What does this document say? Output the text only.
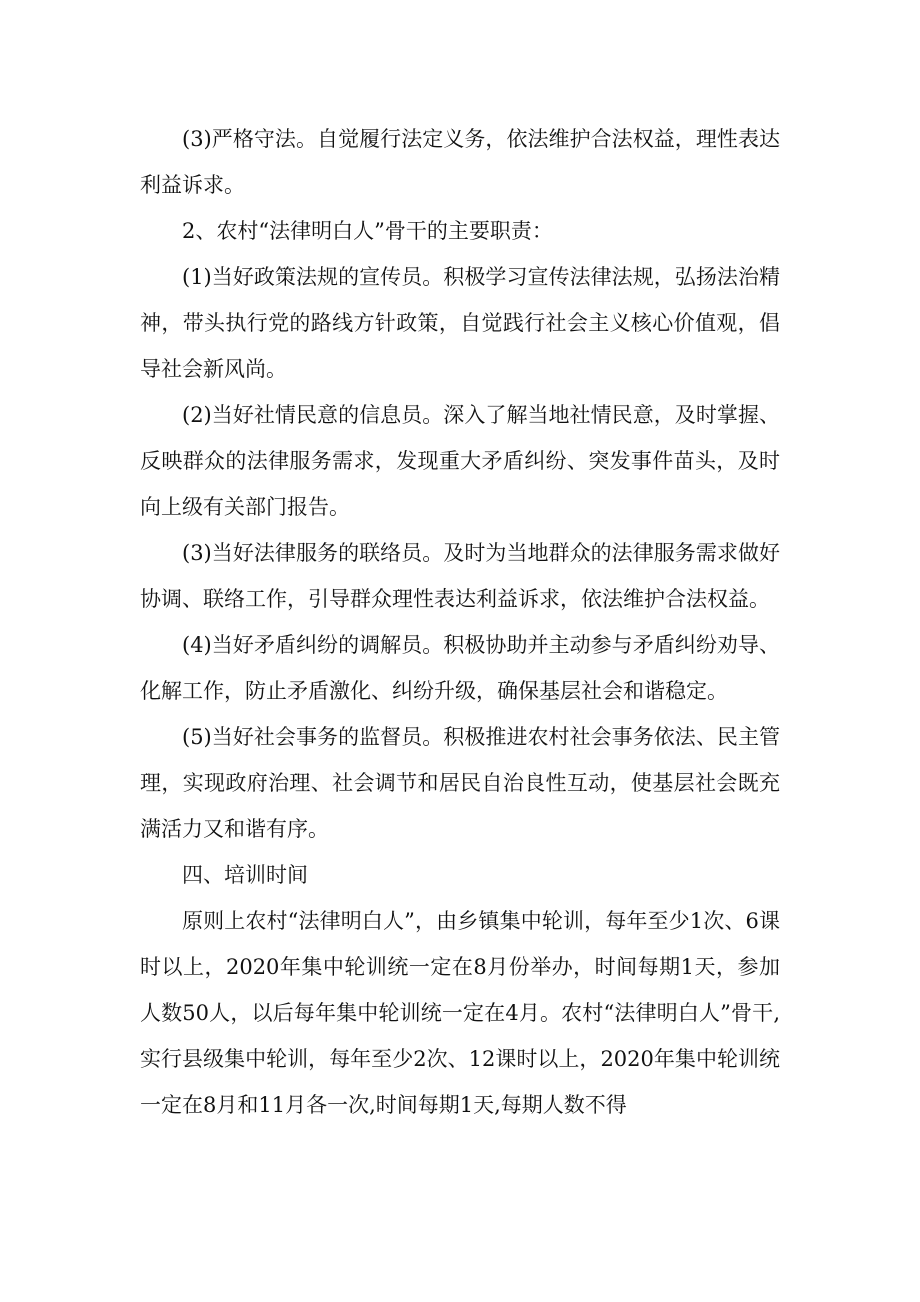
(3)严格守法。自觉履行法定义务，依法维护合法权益，理性表达利益诉求。

2、农村“法律明白人”骨干的主要职责：

(1)当好政策法规的宣传员。积极学习宣传法律法规，弘扬法治精神，带头执行党的路线方针政策，自觉践行社会主义核心价值观，倡导社会新风尚。

(2)当好社情民意的信息员。深入了解当地社情民意，及时掌握、反映群众的法律服务需求，发现重大矛盾纠纷、突发事件苗头，及时向上级有关部门报告。

(3)当好法律服务的联络员。及时为当地群众的法律服务需求做好协调、联络工作，引导群众理性表达利益诉求，依法维护合法权益。

(4)当好矛盾纠纷的调解员。积极协助并主动参与矛盾纠纷劝导、化解工作，防止矛盾激化、纠纷升级，确保基层社会和谐稳定。

(5)当好社会事务的监督员。积极推进农村社会事务依法、民主管理，实现政府治理、社会调节和居民自治良性互动，使基层社会既充满活力又和谐有序。

四、培训时间

原则上农村“法律明白人”，由乡镇集中轮训，每年至少1次、6课时以上，2020年集中轮训统一定在8月份举办，时间每期1天，参加人数50人，以后每年集中轮训统一定在4月。农村“法律明白人”骨干,实行县级集中轮训，每年至少2次、12课时以上，2020年集中轮训统一定在8月和11月各一次,时间每期1天,每期人数不得
